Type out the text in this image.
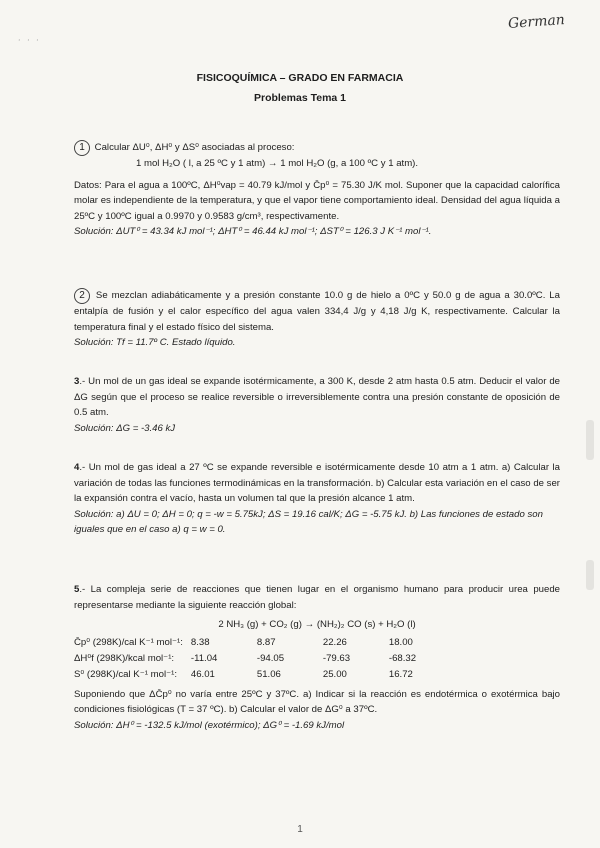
German
· · ·
FISICOQUÍMICA – GRADO EN FARMACIA
Problemas Tema 1

1 Calcular ΔU⁰, ΔH⁰ y ΔS⁰ asociadas al proceso:

1 mol H₂O ( l, a 25 ºC y 1 atm) → 1 mol H₂O (g, a 100 ºC y 1 atm).

Datos: Para el agua a 100ºC, ΔH⁰vap = 40.79 kJ/mol y C̄p⁰ = 75.30 J/K mol. Suponer que la capacidad calorífica molar es independiente de la temperatura, y que el vapor tiene comportamiento ideal. Densidad del agua líquida a 25ºC y 100ºC igual a 0.9970 y 0.9583 g/cm³, respectivamente.

Solución: ΔUT⁰ = 43.34 kJ mol⁻¹; ΔHT⁰ = 46.44 kJ mol⁻¹; ΔST⁰ = 126.3 J K⁻¹ mol⁻¹.

2 Se mezclan adiabáticamente y a presión constante 10.0 g de hielo a 0ºC y 50.0 g de agua a 30.0ºC. La entalpía de fusión y el calor específico del agua valen 334,4 J/g y 4,18 J/g K, respectivamente. Calcular la temperatura final y el estado físico del sistema.

Solución: Tf = 11.7º C. Estado líquido.

3.- Un mol de un gas ideal se expande isotérmicamente, a 300 K, desde 2 atm hasta 0.5 atm. Deducir el valor de ΔG según que el proceso se realice reversible o irreversiblemente contra una presión constante de oposición de 0.5 atm.

Solución: ΔG = -3.46 kJ

4.- Un mol de gas ideal a 27 ºC se expande reversible e isotérmicamente desde 10 atm a 1 atm. a) Calcular la variación de todas las funciones termodinámicas en la transformación. b) Calcular esta variación en el caso de ser la expansión contra el vacío, hasta un volumen tal que la presión alcance 1 atm.

Solución: a) ΔU = 0; ΔH = 0; q = -w = 5.75kJ; ΔS = 19.16 cal/K; ΔG = -5.75 kJ. b) Las funciones de estado son iguales que en el caso a) q = w = 0.

5.- La compleja serie de reacciones que tienen lugar en el organismo humano para producir urea puede representarse mediante la siguiente reacción global:

2 NH₃ (g) + CO₂ (g) → (NH₂)₂ CO (s) + H₂O (l)

C̄p⁰ (298K)/cal K⁻¹ mol⁻¹:	8.38	8.87	22.26	18.00
ΔH⁰f (298K)/kcal mol⁻¹:	-11.04	-94.05	-79.63	-68.32
S⁰ (298K)/cal K⁻¹ mol⁻¹:	46.01	51.06	25.00	16.72

Suponiendo que ΔC̄p⁰ no varía entre 25ºC y 37ºC. a) Indicar si la reacción es endotérmica o exotérmica bajo condiciones fisiológicas (T = 37 ºC). b) Calcular el valor de ΔG⁰ a 37ºC.

Solución: ΔH⁰ = -132.5 kJ/mol (exotérmico); ΔG⁰ = -1.69 kJ/mol

1
